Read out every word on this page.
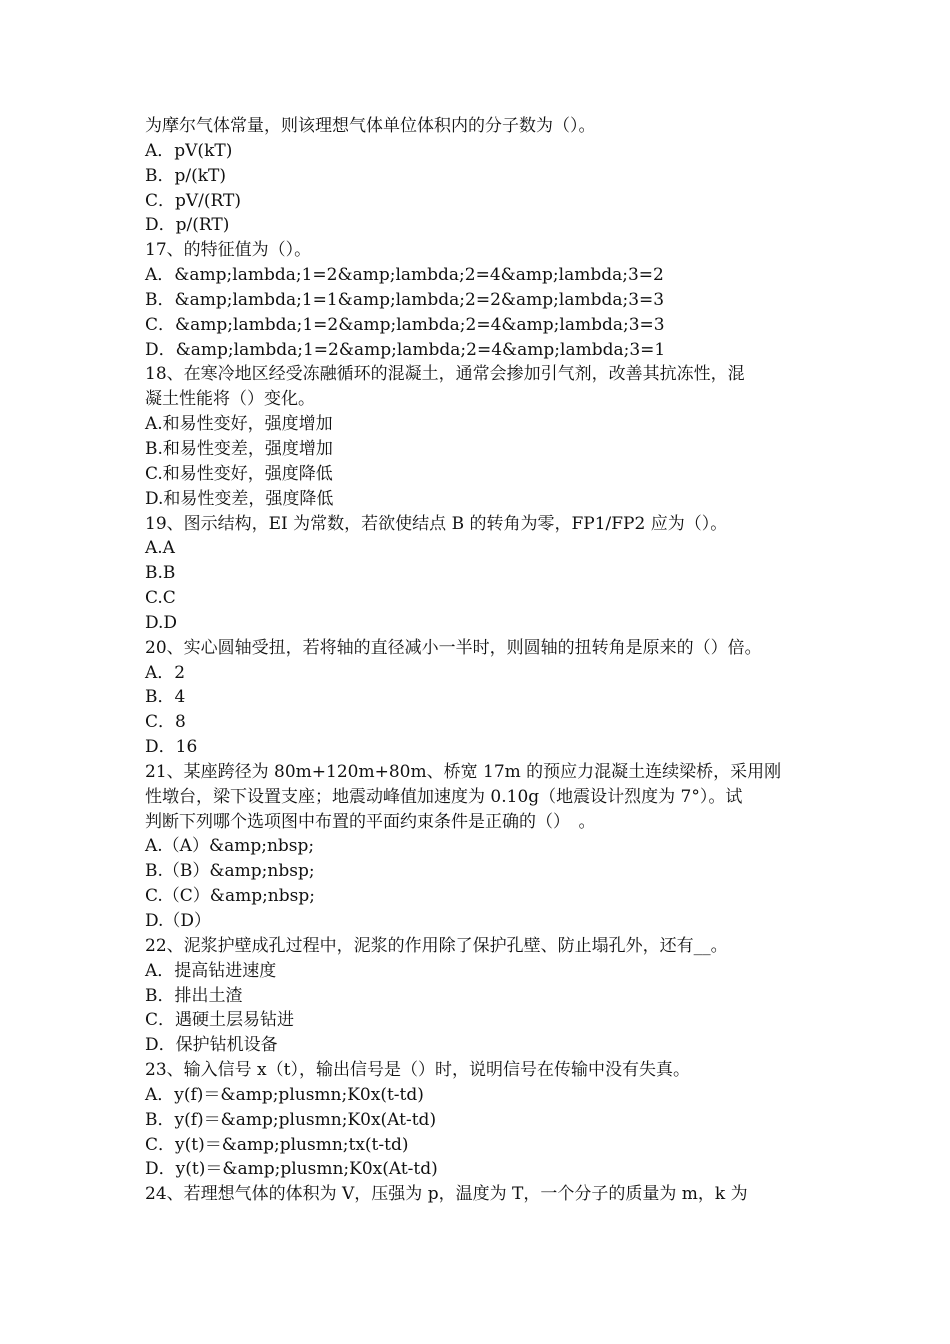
为摩尔气体常量，则该理想气体单位体积内的分子数为（）。
A．pV(kT)
B．p/(kT)
C．pV/(RT)
D．p/(RT)
17、的特征值为（）。
A．&amp;lambda;1=2&amp;lambda;2=4&amp;lambda;3=2
B．&amp;lambda;1=1&amp;lambda;2=2&amp;lambda;3=3
C．&amp;lambda;1=2&amp;lambda;2=4&amp;lambda;3=3
D．&amp;lambda;1=2&amp;lambda;2=4&amp;lambda;3=1
18、在寒冷地区经受冻融循环的混凝土，通常会掺加引气剂，改善其抗冻性，混
凝土性能将（）变化。
A.和易性变好，强度增加
B.和易性变差，强度增加
C.和易性变好，强度降低
D.和易性变差，强度降低
19、图示结构，EI 为常数，若欲使结点 B 的转角为零，FP1/FP2 应为（）。
A.A
B.B
C.C
D.D
20、实心圆轴受扭，若将轴的直径减小一半时，则圆轴的扭转角是原来的（）倍。
A．2
B．4
C．8
D．16
21、某座跨径为 80m+120m+80m、桥宽 17m 的预应力混凝土连续梁桥，采用刚
性墩台，梁下设置支座；地震动峰值加速度为 0.10g（地震设计烈度为 7°）。试
判断下列哪个选项图中布置的平面约束条件是正确的（）　。
A.（A）&amp;nbsp;
B.（B）&amp;nbsp;
C.（C）&amp;nbsp;
D.（D）
22、泥浆护壁成孔过程中，泥浆的作用除了保护孔壁、防止塌孔外，还有__。
A．提高钻进速度
B．排出土渣
C．遇硬土层易钻进
D．保护钻机设备
23、输入信号 x（t），输出信号是（）时，说明信号在传输中没有失真。
A．y(f)＝&amp;plusmn;K0x(t-td)
B．y(f)＝&amp;plusmn;K0x(At-td)
C．y(t)＝&amp;plusmn;tx(t-td)
D．y(t)＝&amp;plusmn;K0x(At-td)
24、若理想气体的体积为 V，压强为 p，温度为 T，一个分子的质量为 m，k 为
